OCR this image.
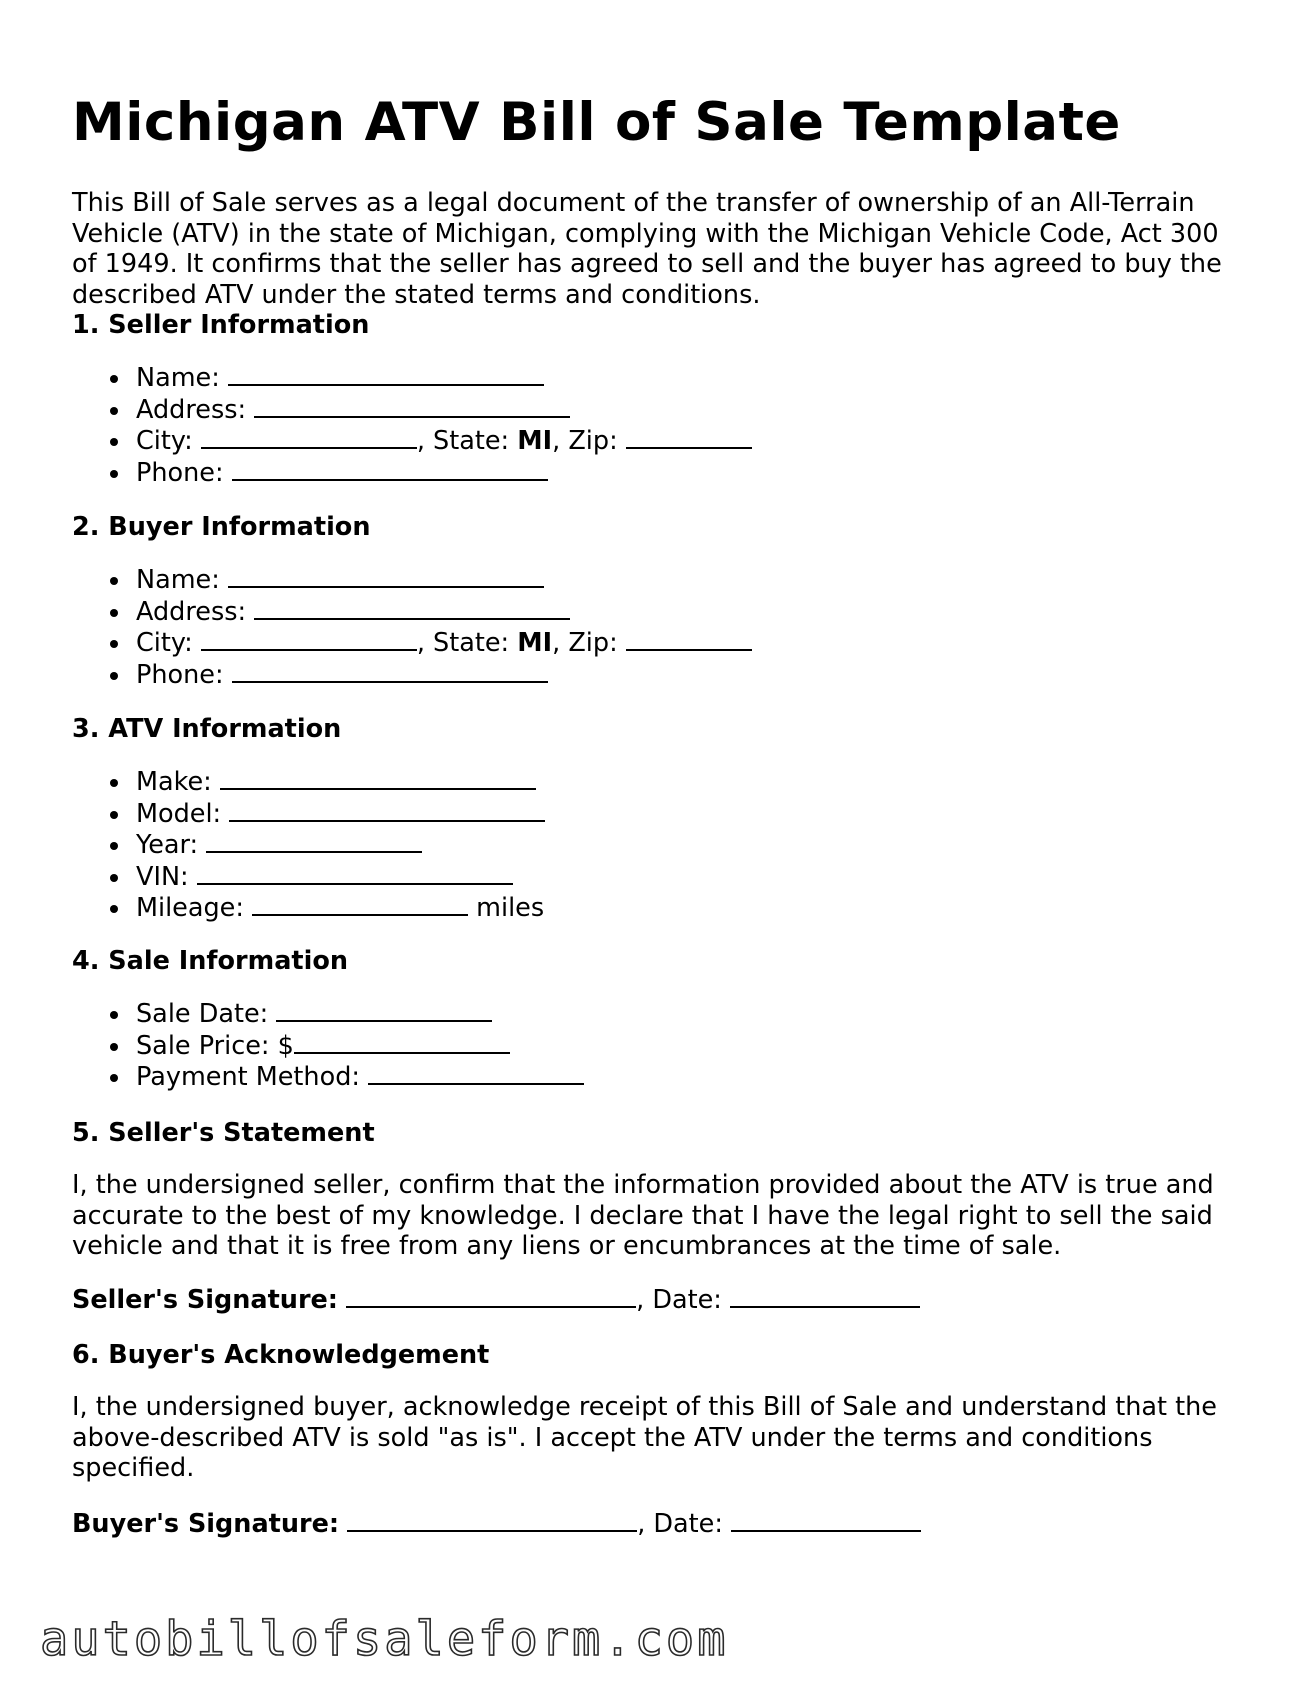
Michigan ATV Bill of Sale Template

This Bill of Sale serves as a legal document of the transfer of ownership of an All-Terrain Vehicle (ATV) in the state of Michigan, complying with the Michigan Vehicle Code, Act 300 of 1949. It confirms that the seller has agreed to sell and the buyer has agreed to buy the described ATV under the stated terms and conditions.

1. Seller Information

Name:
Address:
City:	, State: MI, Zip:
Phone:

2. Buyer Information

Name:
Address:
City:	, State: MI, Zip:
Phone:

3. ATV Information

Make:
Model:
Year:
VIN:
Mileage:	miles

4. Sale Information

Sale Date:
Sale Price: $
Payment Method:

5. Seller's Statement

I, the undersigned seller, confirm that the information provided about the ATV is true and accurate to the best of my knowledge. I declare that I have the legal right to sell the said vehicle and that it is free from any liens or encumbrances at the time of sale.

Seller's Signature:	, Date:

6. Buyer's Acknowledgement

I, the undersigned buyer, acknowledge receipt of this Bill of Sale and understand that the above-described ATV is sold "as is". I accept the ATV under the terms and conditions specified.

Buyer's Signature:	, Date:

autobillofsaleform.com
